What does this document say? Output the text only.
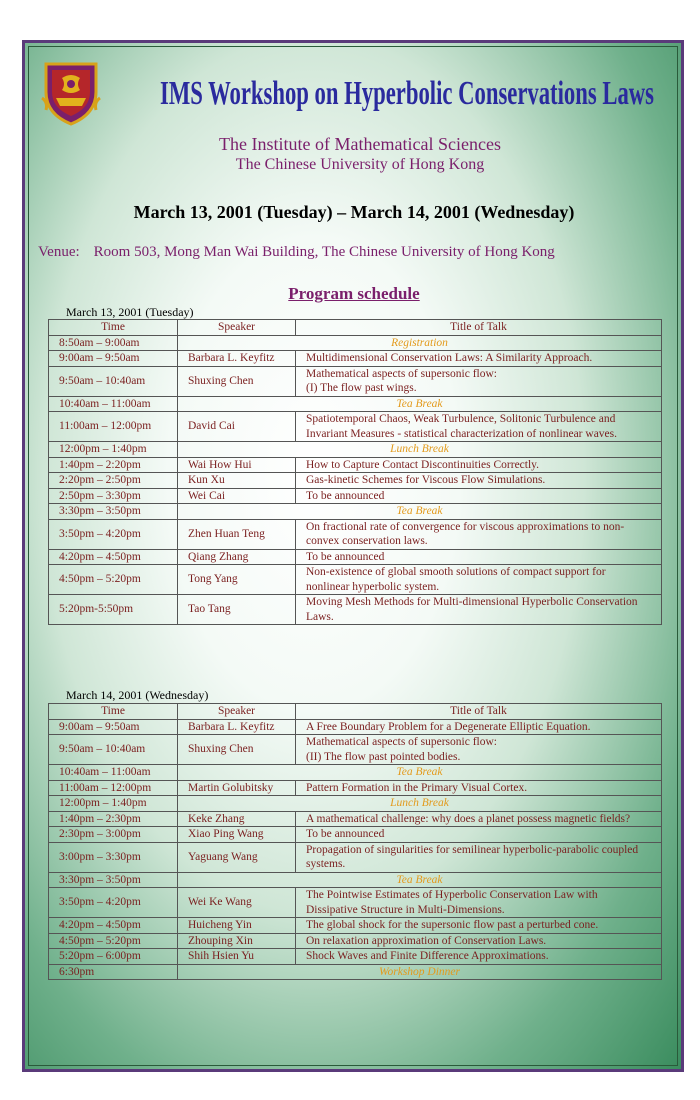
IMS Workshop on Hyperbolic Conservations Laws
The Institute of Mathematical Sciences
The Chinese University of Hong Kong
March 13, 2001 (Tuesday) – March 14, 2001 (Wednesday)
Venue: Room 503, Mong Man Wai Building, The Chinese University of Hong Kong
Program schedule
March 13, 2001 (Tuesday)
Time	Speaker	Title of Talk
8:50am – 9:00am	Registration	
9:00am – 9:50am	Barbara L. Keyfitz	Multidimensional Conservation Laws: A Similarity Approach.
9:50am – 10:40am	Shuxing Chen	Mathematical aspects of supersonic flow:
(I) The flow past wings.
10:40am – 11:00am	Tea Break	
11:00am – 12:00pm	David Cai	Spatiotemporal Chaos, Weak Turbulence, Solitonic Turbulence and Invariant Measures - statistical characterization of nonlinear waves.
12:00pm – 1:40pm	Lunch Break	
1:40pm – 2:20pm	Wai How Hui	How to Capture Contact Discontinuities Correctly.
2:20pm – 2:50pm	Kun Xu	Gas-kinetic Schemes for Viscous Flow Simulations.
2:50pm – 3:30pm	Wei Cai	To be announced
3:30pm – 3:50pm	Tea Break	
3:50pm – 4:20pm	Zhen Huan Teng	On fractional rate of convergence for viscous approximations to non-convex conservation laws.
4:20pm – 4:50pm	Qiang Zhang	To be announced
4:50pm – 5:20pm	Tong Yang	Non-existence of global smooth solutions of compact support for nonlinear hyperbolic system.
5:20pm-5:50pm	Tao Tang	Moving Mesh Methods for Multi-dimensional Hyperbolic Conservation Laws.
March 14, 2001 (Wednesday)
Time	Speaker	Title of Talk
9:00am – 9:50am	Barbara L. Keyfitz	A Free Boundary Problem for a Degenerate Elliptic Equation.
9:50am – 10:40am	Shuxing Chen	Mathematical aspects of supersonic flow:
(II) The flow past pointed bodies.
10:40am – 11:00am	Tea Break	
11:00am – 12:00pm	Martin Golubitsky	Pattern Formation in the Primary Visual Cortex.
12:00pm – 1:40pm	Lunch Break	
1:40pm – 2:30pm	Keke Zhang	A mathematical challenge: why does a planet possess magnetic fields?
2:30pm – 3:00pm	Xiao Ping Wang	To be announced
3:00pm – 3:30pm	Yaguang Wang	Propagation of singularities for semilinear hyperbolic-parabolic coupled systems.
3:30pm – 3:50pm	Tea Break	
3:50pm – 4:20pm	Wei Ke Wang	The Pointwise Estimates of Hyperbolic Conservation Law with Dissipative Structure in Multi-Dimensions.
4:20pm – 4:50pm	Huicheng Yin	The global shock for the supersonic flow past a perturbed cone.
4:50pm – 5:20pm	Zhouping Xin	On relaxation approximation of Conservation Laws.
5:20pm – 6:00pm	Shih Hsien Yu	Shock Waves and Finite Difference Approximations.
6:30pm	Workshop Dinner	
